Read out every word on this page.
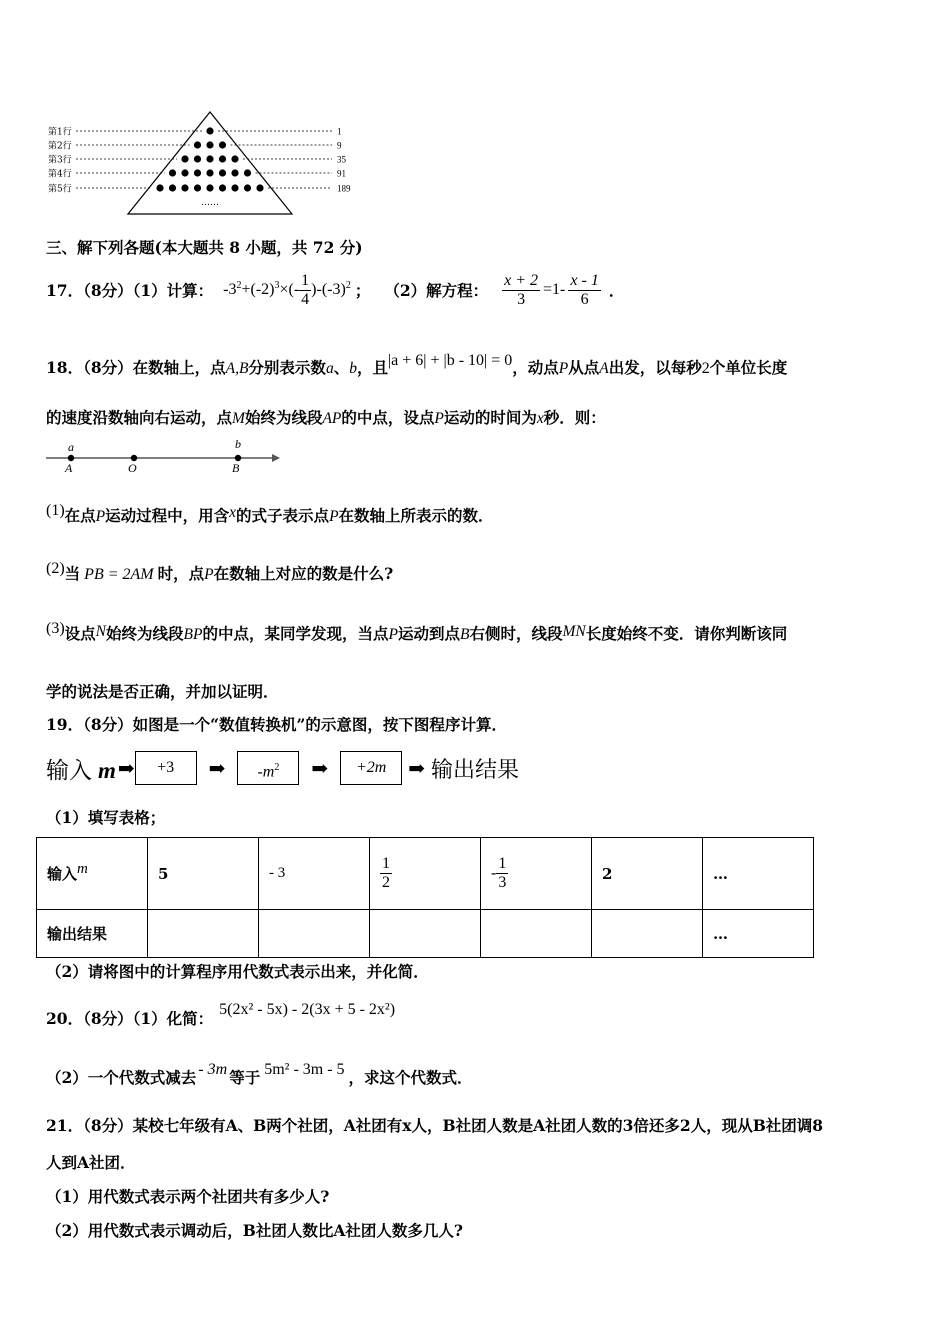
第1行	1
第2行	9
第3行	35
第4行	91
第5行	189
……
三、解下列各题(本大题共 8 小题，共 72 分)
17．（8分）（1）计算： $-3^2+(-2)^3\times(- \frac{1}{4} )-(-3)^2$ ； （2）解方程： $\frac{x + 2}{3} =1- \frac{x - 1}{6}$ ．
18．（8分）在数轴上，点A,B分别表示数a、b，且|a + 6| + |b - 10| = 0，动点P从点A出发，以每秒2个单位长度
的速度沿数轴向右运动，点M始终为线段AP的中点，设点P运动的时间为x秒．则：
a
A	O
b
B
(1)在点P运动过程中，用含x的式子表示点P在数轴上所表示的数．
(2)当 PB = 2AM 时，点P在数轴上对应的数是什么?
(3)设点N始终为线段BP的中点，某同学发现，当点P运动到点B右侧时，线段MN长度始终不变．请你判断该同
学的说法是否正确，并加以证明．
19．（8分）如图是一个“数值转换机”的示意图，按下图程序计算．
输入 m ➡	+3	➡	$-m^2$	➡	+2m	➡ 输出结果
（1）填写表格；
输入m	5	- 3	$\frac{1}{2}$	- $\frac{1}{3}$	2	…
输出结果						…
（2）请将图中的计算程序用代数式表示出来，并化简．
20．（8分）（1）化简： 5(2x² - 5x) - 2(3x + 5 - 2x²)
（2）一个代数式减去 - 3m 等于 5m² - 3m - 5 ，求这个代数式．
21．（8分）某校七年级有A、B两个社团，A社团有x人，B社团人数是A社团人数的3倍还多2人，现从B社团调8
人到A社团．
（1）用代数式表示两个社团共有多少人?
（2）用代数式表示调动后，B社团人数比A社团人数多几人?
